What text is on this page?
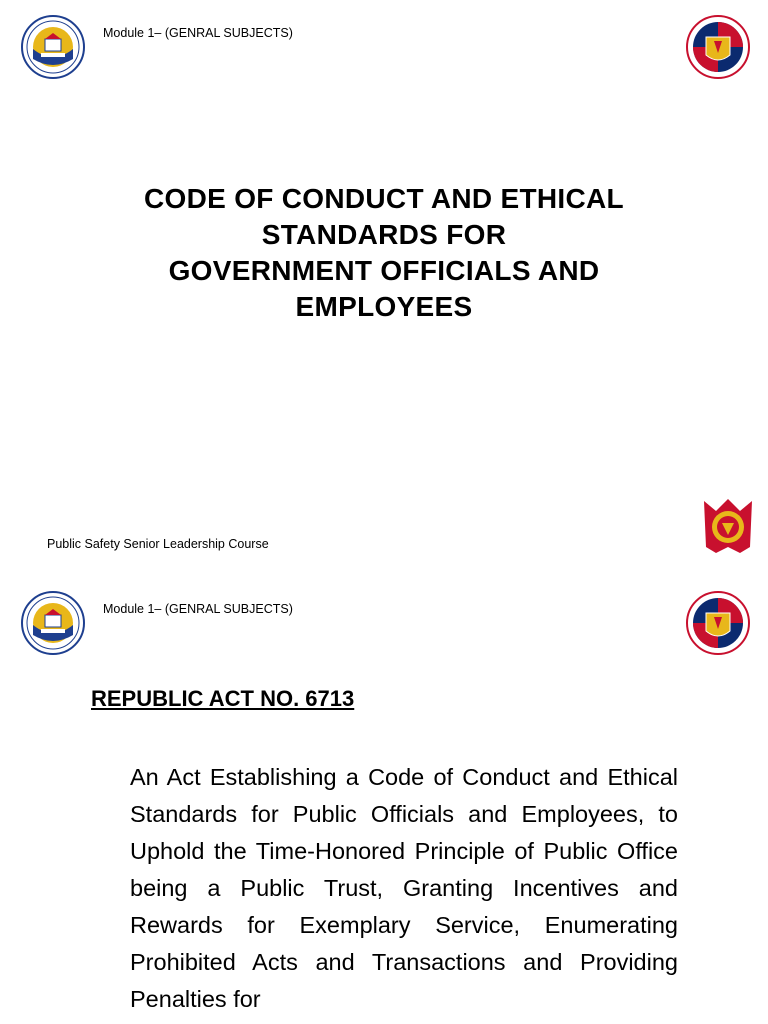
Module 1– (GENRAL SUBJECTS)
CODE OF CONDUCT AND ETHICAL
STANDARDS FOR
GOVERNMENT OFFICIALS AND
EMPLOYEES
Public Safety Senior Leadership Course
Module 1– (GENRAL SUBJECTS)
REPUBLIC ACT NO. 6713
An Act Establishing a Code of Conduct and Ethical Standards for Public Officials and Employees, to Uphold the Time-Honored Principle of Public Office being a Public Trust, Granting Incentives and Rewards for Exemplary Service, Enumerating Prohibited Acts and Transactions and Providing Penalties for
